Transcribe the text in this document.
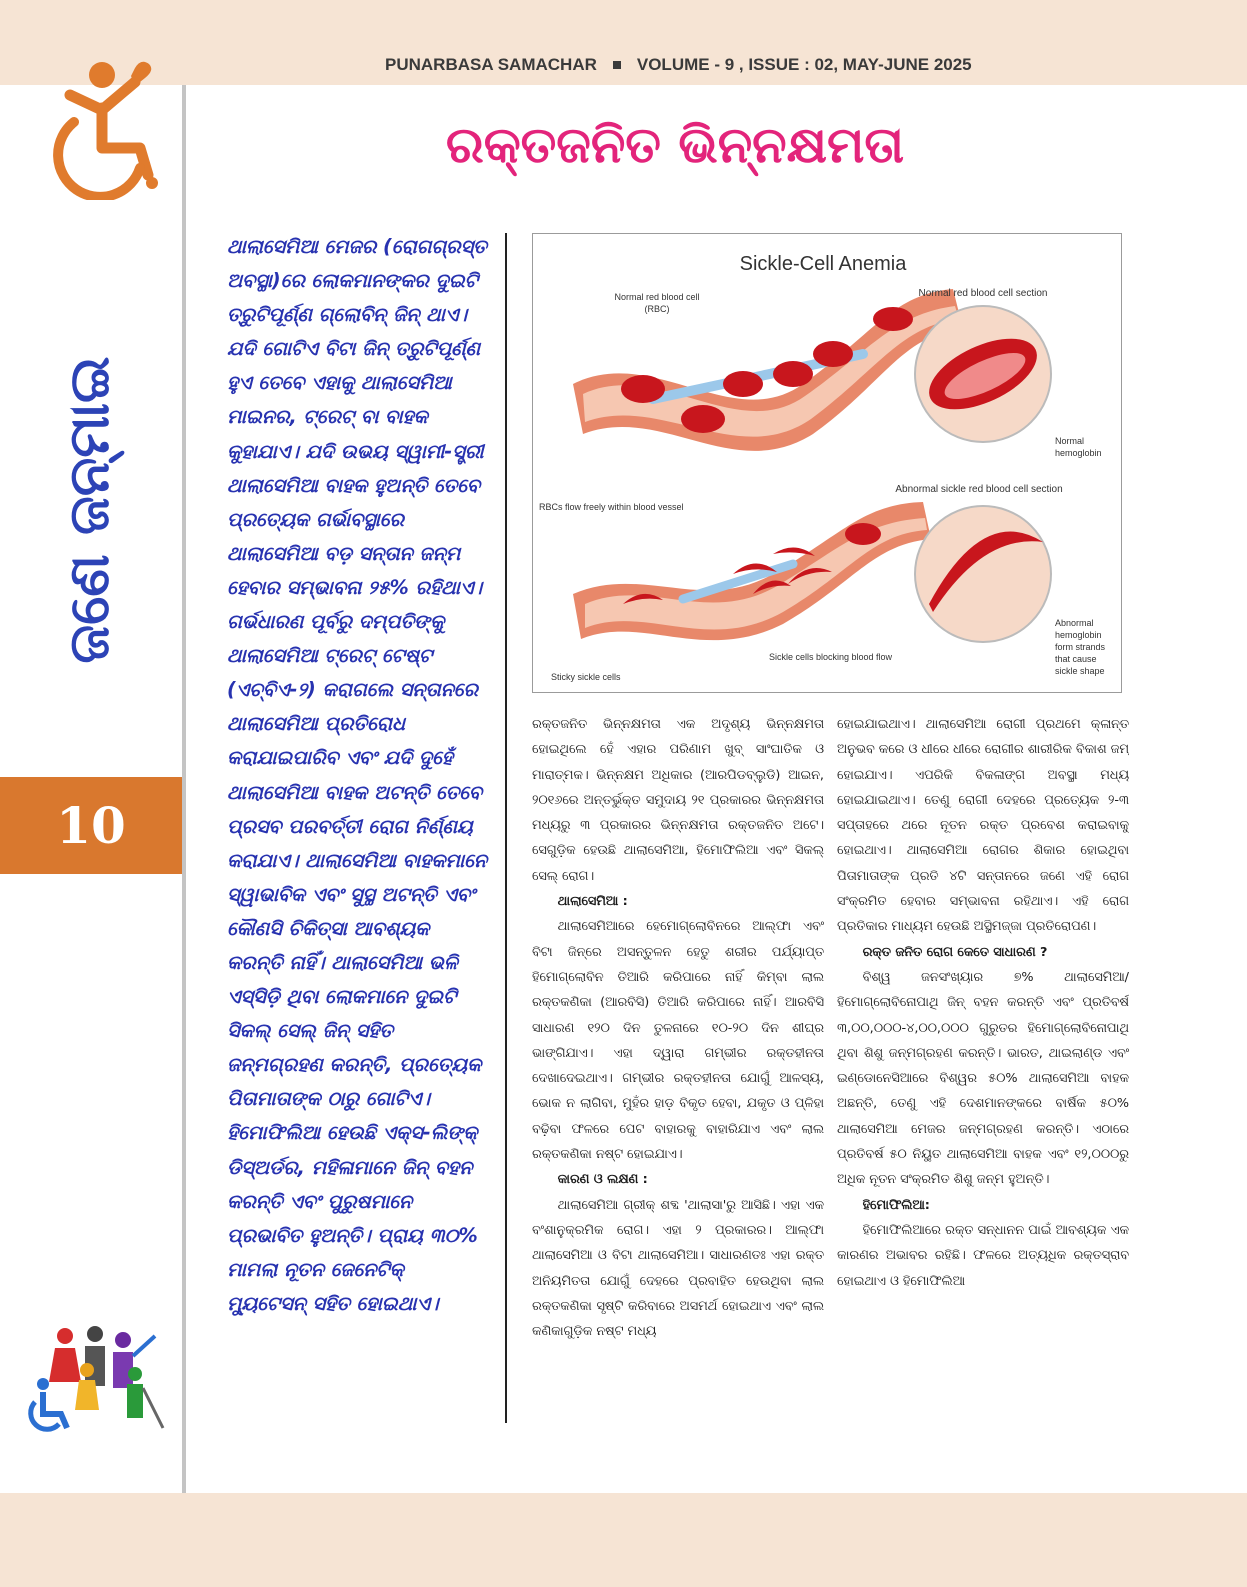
PUNARBASA SAMACHAR VOLUME - 9 , ISSUE : 02, MAY-JUNE 2025
ଜଣେ ଜନ୍ମାଇ
10
ରକ୍ତଜନିତ ଭିନ୍ନକ୍ଷମତା
ଥାଲାସେମିଆ ମେଜର (ରୋଗଗ୍ରସ୍ତ ଅବସ୍ଥା)ରେ ଲୋକମାନଙ୍କର ଦୁଇଟି ତ୍ରୁଟିପୂର୍ଣ୍ଣ ଗ୍ଲୋବିନ୍ ଜିନ୍ ଥାଏ। ଯଦି ଗୋଟିଏ ବିଟା ଜିନ୍ ତ୍ରୁଟିପୂର୍ଣ୍ଣ ହୁଏ ତେବେ ଏହାକୁ ଥାଲାସେମିଆ ମାଇନର, ଟ୍ରେଟ୍ ବା ବାହକ କୁହାଯାଏ। ଯଦି ଉଭୟ ସ୍ୱାମୀ-ସ୍ତ୍ରୀ ଥାଲାସେମିଆ ବାହକ ହୁଅନ୍ତି ତେବେ ପ୍ରତ୍ୟେକ ଗର୍ଭାବସ୍ଥାରେ ଥାଲାସେମିଆ ବଡ଼ ସନ୍ତାନ ଜନ୍ମ ହେବାର ସମ୍ଭାବନା ୨୫% ରହିଥାଏ। ଗର୍ଭଧାରଣ ପୂର୍ବରୁ ଦମ୍ପତିଙ୍କୁ ଥାଲାସେମିଆ ଟ୍ରେଟ୍ ଟେଷ୍ଟ (ଏଚ୍‌ବିଏ-୨) କରାଗଲେ ସନ୍ତାନରେ ଥାଲାସେମିଆ ପ୍ରତିରୋଧ କରାଯାଇପାରିବ ଏବଂ ଯଦି ଦୁହେଁ ଥାଲାସେମିଆ ବାହକ ଅଟନ୍ତି ତେବେ ପ୍ରସବ ପରବର୍ତ୍ତୀ ରୋଗ ନିର୍ଣ୍ଣୟ କରାଯାଏ। ଥାଲାସେମିଆ ବାହକମାନେ ସ୍ୱାଭାବିକ ଏବଂ ସୁସ୍ଥ ଅଟନ୍ତି ଏବଂ କୌଣସି ଚିକିତ୍ସା ଆବଶ୍ୟକ କରନ୍ତି ନାହିଁ। ଥାଲାସେମିଆ ଭଳି ଏସ୍‌ସିଡ଼ି ଥିବା ଲୋକମାନେ ଦୁଇଟି ସିକଲ୍ ସେଲ୍ ଜିନ୍ ସହିତ ଜନ୍ମଗ୍ରହଣ କରନ୍ତି, ପ୍ରତ୍ୟେକ ପିତାମାତାଙ୍କ ଠାରୁ ଗୋଟିଏ। ହିମୋଫିଲିଆ ହେଉଛି ଏକ୍ସ-ଲିଙ୍କ୍ ଡିସ୍‌ଅର୍ଡର, ମହିଳାମାନେ ଜିନ୍ ବହନ କରନ୍ତି ଏବଂ ପୁରୁଷମାନେ ପ୍ରଭାବିତ ହୁଅନ୍ତି। ପ୍ରାୟ ୩୦% ମାମଲା ନୂତନ ଜେନେଟିକ୍ ମ୍ୟୁଟେସନ୍ ସହିତ ହୋଇଥାଏ।
Sickle-Cell Anemia
Normal red blood cell
(RBC)
Normal red blood cell section
Normal
hemoglobin
RBCs flow freely within blood vessel
Abnormal sickle red blood cell section
Abnormal
hemoglobin
form strands
that cause
sickle shape
Sickle cells blocking blood flow
Sticky sickle cells

ରକ୍ତଜନିତ ଭିନ୍ନକ୍ଷମତା ଏକ ଅଦୃଶ୍ୟ ଭିନ୍ନକ୍ଷମତା ହୋଇଥିଲେ ହେଁ ଏହାର ପରିଣାମ ଖୁବ୍ ସାଂଘାତିକ ଓ ମାରାତ୍ମକ। ଭିନ୍ନକ୍ଷମ ଅଧିକାର (ଆରପିଡବ୍ଲୁଡି) ଆଇନ, ୨୦୧୬ରେ ଅନ୍ତର୍ଭୁକ୍ତ ସମୁଦାୟ ୨୧ ପ୍ରକାରର ଭିନ୍ନକ୍ଷମତା ମଧ୍ୟରୁ ୩ ପ୍ରକାରର ଭିନ୍ନକ୍ଷମତା ରକ୍ତଜନିତ ଅଟେ। ସେଗୁଡ଼ିକ ହେଉଛି ଥାଲାସେମିଆ, ହିମୋଫିଲିଆ ଏବଂ ସିକଲ୍ ସେଲ୍ ରୋଗ।

ଥାଲାସେମିଆ :

ଥାଲାସେମିଆରେ ହେମୋଗ୍ଲୋବିନରେ ଆଲ୍‌ଫା ଏବଂ ବିଟା ଜିନ୍‌ରେ ଅସନ୍ତୁଳନ ହେତୁ ଶରୀର ପର୍ଯ୍ୟାପ୍ତ ହିମୋଗ୍ଲୋବିନ ତିଆରି କରିପାରେ ନାହିଁ କିମ୍ବା ଲାଲ ରକ୍ତକଣିକା (ଆରବିସି) ତିଆରି କରିପାରେ ନାହିଁ। ଆରବିସି ସାଧାରଣ ୧୨୦ ଦିନ ତୁଳନାରେ ୧୦-୨୦ ଦିନ ଶୀଘ୍ର ଭାଙ୍ଗିଯାଏ। ଏହା ଦ୍ୱାରା ଗମ୍ଭୀର ରକ୍ତହୀନତା ଦେଖାଦେଇଥାଏ। ଗମ୍ଭୀର ରକ୍ତହୀନତା ଯୋଗୁଁ ଆଳସ୍ୟ, ଭୋକ ନ ଲାଗିବା, ମୁହଁର ହାଡ଼ ବିକୃତ ହେବା, ଯକୃତ ଓ ପ୍ଳିହା ବଢ଼ିବା ଫଳରେ ପେଟ ବାହାରକୁ ବାହାରିଯାଏ ଏବଂ ଲାଲ ରକ୍ତକଣିକା ନଷ୍ଟ ହୋଇଯାଏ।

କାରଣ ଓ ଲକ୍ଷଣ :

ଥାଲାସେମିଆ ଗ୍ରୀକ୍ ଶବ୍ଦ 'ଥାଲାସା'ରୁ ଆସିଛି। ଏହା ଏକ ବଂଶାନୁକ୍ରମିକ ରୋଗ। ଏହା ୨ ପ୍ରକାରର। ଆଲ୍‌ଫା ଥାଲାସେମିଆ ଓ ବିଟା ଥାଲାସେମିଆ। ସାଧାରଣତଃ ଏହା ରକ୍ତ ଅନିୟମିତତା ଯୋଗୁଁ ଦେହରେ ପ୍ରବାହିତ ହେଉଥିବା ଲାଲ ରକ୍ତକଣିକା ସୃଷ୍ଟି କରିବାରେ ଅସମର୍ଥ ହୋଇଥାଏ ଏବଂ ଲାଲ କଣିକାଗୁଡ଼ିକ ନଷ୍ଟ ମଧ୍ୟ

ହୋଇଯାଇଥାଏ। ଥାଲାସେମିଆ ରୋଗୀ ପ୍ରଥମେ କ୍ଳାନ୍ତ ଅନୁଭବ କରେ ଓ ଧୀରେ ଧୀରେ ରୋଗୀର ଶାରୀରିକ ବିକାଶ ଜମ୍ ହୋଇଯାଏ। ଏପରିକି ବିକଳାଙ୍ଗ ଅବସ୍ଥା ମଧ୍ୟ ହୋଇଯାଇଥାଏ। ତେଣୁ ରୋଗୀ ଦେହରେ ପ୍ରତ୍ୟେକ ୨-୩ ସପ୍ତାହରେ ଥରେ ନୂତନ ରକ୍ତ ପ୍ରବେଶ କରାଇବାକୁ ହୋଇଥାଏ। ଥାଲାସେମିଆ ରୋଗର ଶିକାର ହୋଇଥିବା ପିତାମାତାଙ୍କ ପ୍ରତି ୪ଟି ସନ୍ତାନରେ ଜଣେ ଏହି ରୋଗ ସଂକ୍ରମିତ ହେବାର ସମ୍ଭାବନା ରହିଥାଏ। ଏହି ରୋଗ ପ୍ରତିକାର ମାଧ୍ୟମ ହେଉଛି ଅସ୍ଥିମଜ୍ଜା ପ୍ରତିରୋପଣ।

ରକ୍ତ ଜନିତ ରୋଗ କେତେ ସାଧାରଣ ?

ବିଶ୍ୱ ଜନସଂଖ୍ୟାର ୭% ଥାଲାସେମିଆ/ହିମୋଗ୍ଲୋବିନୋପାଥି ଜିନ୍ ବହନ କରନ୍ତି ଏବଂ ପ୍ରତିବର୍ଷ ୩,୦୦,୦୦୦-୪,୦୦,୦୦୦ ଗୁରୁତର ହିମୋଗ୍ଲୋବିନୋପାଥି ଥିବା ଶିଶୁ ଜନ୍ମଗ୍ରହଣ କରନ୍ତି। ଭାରତ, ଥାଇଲାଣ୍ଡ ଏବଂ ଇଣ୍ଡୋନେସିଆରେ ବିଶ୍ୱର ୫୦% ଥାଲାସେମିଆ ବାହକ ଅଛନ୍ତି, ତେଣୁ ଏହି ଦେଶମାନଙ୍କରେ ବାର୍ଷିକ ୫୦% ଥାଲାସେମିଆ ମେଜର ଜନ୍ମଗ୍ରହଣ କରନ୍ତି। ଏଠାରେ ପ୍ରତିବର୍ଷ ୫୦ ନିୟୁତ ଥାଲାସେମିଆ ବାହକ ଏବଂ ୧୨,୦୦୦ରୁ ଅଧିକ ନୂତନ ସଂକ୍ରମିତ ଶିଶୁ ଜନ୍ମ ହୁଅନ୍ତି।

ହିମୋଫିଲିଆ:

ହିମୋଫିଲିଆରେ ରକ୍ତ ସନ୍ଧାନନ ପାଇଁ ଆବଶ୍ୟକ ଏକ କାରଣର ଅଭାବର ରହିଛି। ଫଳରେ ଅତ୍ୟଧିକ ରକ୍ତସ୍ରାବ ହୋଇଥାଏ ଓ ହିମୋଫିଲିଆ
